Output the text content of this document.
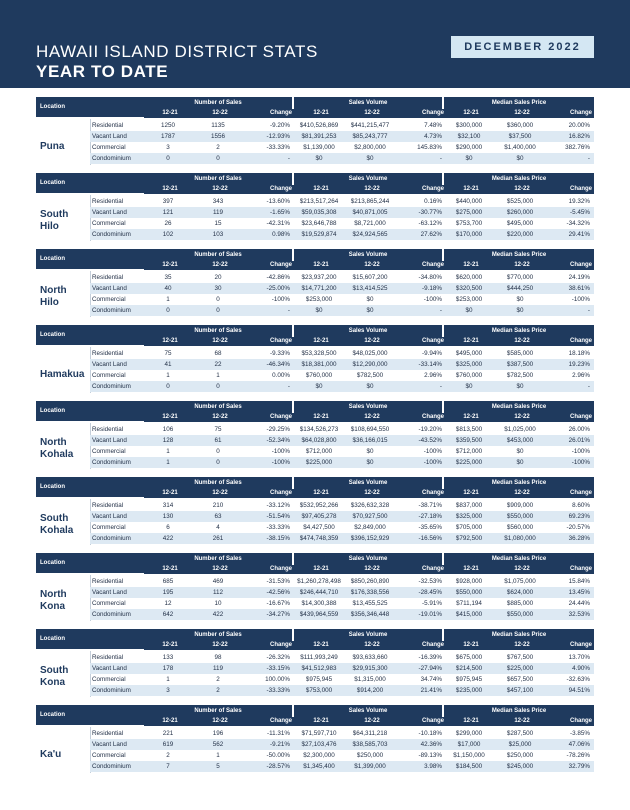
HAWAII ISLAND DISTRICT STATS
YEAR TO DATE
DECEMBER 2022
Location
Number of Sales	Sales Volume	Median Sales Price
12-21	12-22	Change	12-21	12-22	Change	12-21	12-22	Change
Puna
Residential	1250	1135	-9.20%	$410,526,869	$441,215,477	7.48%	$300,000	$360,000	20.00%
Vacant Land	1787	1556	-12.93%	$81,391,253	$85,243,777	4.73%	$32,100	$37,500	16.82%
Commercial	3	2	-33.33%	$1,139,000	$2,800,000	145.83%	$290,000	$1,400,000	382.76%
Condominium	0	0	-	$0	$0	-	$0	$0	-
Location
Number of Sales	Sales Volume	Median Sales Price
12-21	12-22	Change	12-21	12-22	Change	12-21	12-22	Change
South
Hilo
Residential	397	343	-13.60%	$213,517,264	$213,865,244	0.16%	$440,000	$525,000	19.32%
Vacant Land	121	119	-1.65%	$59,035,308	$40,871,005	-30.77%	$275,000	$260,000	-5.45%
Commercial	26	15	-42.31%	$23,646,788	$8,721,000	-63.12%	$753,700	$495,000	-34.32%
Condominium	102	103	0.98%	$19,529,874	$24,924,565	27.62%	$170,000	$220,000	29.41%
Location
Number of Sales	Sales Volume	Median Sales Price
12-21	12-22	Change	12-21	12-22	Change	12-21	12-22	Change
North
Hilo
Residential	35	20	-42.86%	$23,937,200	$15,607,200	-34.80%	$620,000	$770,000	24.19%
Vacant Land	40	30	-25.00%	$14,771,200	$13,414,525	-9.18%	$320,500	$444,250	38.61%
Commercial	1	0	-100%	$253,000	$0	-100%	$253,000	$0	-100%
Condominium	0	0	-	$0	$0	-	$0	$0	-
Location
Number of Sales	Sales Volume	Median Sales Price
12-21	12-22	Change	12-21	12-22	Change	12-21	12-22	Change
Hamakua
Residential	75	68	-9.33%	$53,328,500	$48,025,000	-9.94%	$495,000	$585,000	18.18%
Vacant Land	41	22	-46.34%	$18,381,000	$12,290,000	-33.14%	$325,000	$387,500	19.23%
Commercial	1	1	0.00%	$760,000	$782,500	2.96%	$760,000	$782,500	2.96%
Condominium	0	0	-	$0	$0	-	$0	$0	-
Location
Number of Sales	Sales Volume	Median Sales Price
12-21	12-22	Change	12-21	12-22	Change	12-21	12-22	Change
North
Kohala
Residential	106	75	-29.25%	$134,526,273	$108,694,550	-19.20%	$813,500	$1,025,000	26.00%
Vacant Land	128	61	-52.34%	$64,028,800	$36,166,015	-43.52%	$359,500	$453,000	26.01%
Commercial	1	0	-100%	$712,000	$0	-100%	$712,000	$0	-100%
Condominium	1	0	-100%	$225,000	$0	-100%	$225,000	$0	-100%
Location
Number of Sales	Sales Volume	Median Sales Price
12-21	12-22	Change	12-21	12-22	Change	12-21	12-22	Change
South
Kohala
Residential	314	210	-33.12%	$532,952,266	$326,632,328	-38.71%	$837,000	$909,000	8.60%
Vacant Land	130	63	-51.54%	$97,405,278	$70,927,500	-27.18%	$325,000	$550,000	69.23%
Commercial	6	4	-33.33%	$4,427,500	$2,849,000	-35.65%	$705,000	$560,000	-20.57%
Condominium	422	261	-38.15%	$474,748,359	$396,152,929	-16.56%	$792,500	$1,080,000	36.28%
Location
Number of Sales	Sales Volume	Median Sales Price
12-21	12-22	Change	12-21	12-22	Change	12-21	12-22	Change
North
Kona
Residential	685	469	-31.53%	$1,260,278,498	$850,260,890	-32.53%	$928,000	$1,075,000	15.84%
Vacant Land	195	112	-42.56%	$246,444,710	$176,338,556	-28.45%	$550,000	$624,000	13.45%
Commercial	12	10	-16.67%	$14,300,388	$13,455,525	-5.91%	$711,194	$885,000	24.44%
Condominium	642	422	-34.27%	$439,964,559	$356,346,448	-19.01%	$415,000	$550,000	32.53%
Location
Number of Sales	Sales Volume	Median Sales Price
12-21	12-22	Change	12-21	12-22	Change	12-21	12-22	Change
South
Kona
Residential	133	98	-26.32%	$111,993,249	$93,633,660	-16.39%	$675,000	$767,500	13.70%
Vacant Land	178	119	-33.15%	$41,512,983	$29,915,300	-27.94%	$214,500	$225,000	4.90%
Commercial	1	2	100.00%	$975,945	$1,315,000	34.74%	$975,945	$657,500	-32.63%
Condominium	3	2	-33.33%	$753,000	$914,200	21.41%	$235,000	$457,100	94.51%
Location
Number of Sales	Sales Volume	Median Sales Price
12-21	12-22	Change	12-21	12-22	Change	12-21	12-22	Change
Ka'u
Residential	221	196	-11.31%	$71,597,710	$64,311,218	-10.18%	$299,000	$287,500	-3.85%
Vacant Land	619	562	-9.21%	$27,103,476	$38,585,703	42.36%	$17,000	$25,000	47.06%
Commercial	2	1	-50.00%	$2,300,000	$250,000	-89.13%	$1,150,000	$250,000	-78.26%
Condominium	7	5	-28.57%	$1,345,400	$1,399,000	3.98%	$184,500	$245,000	32.79%
